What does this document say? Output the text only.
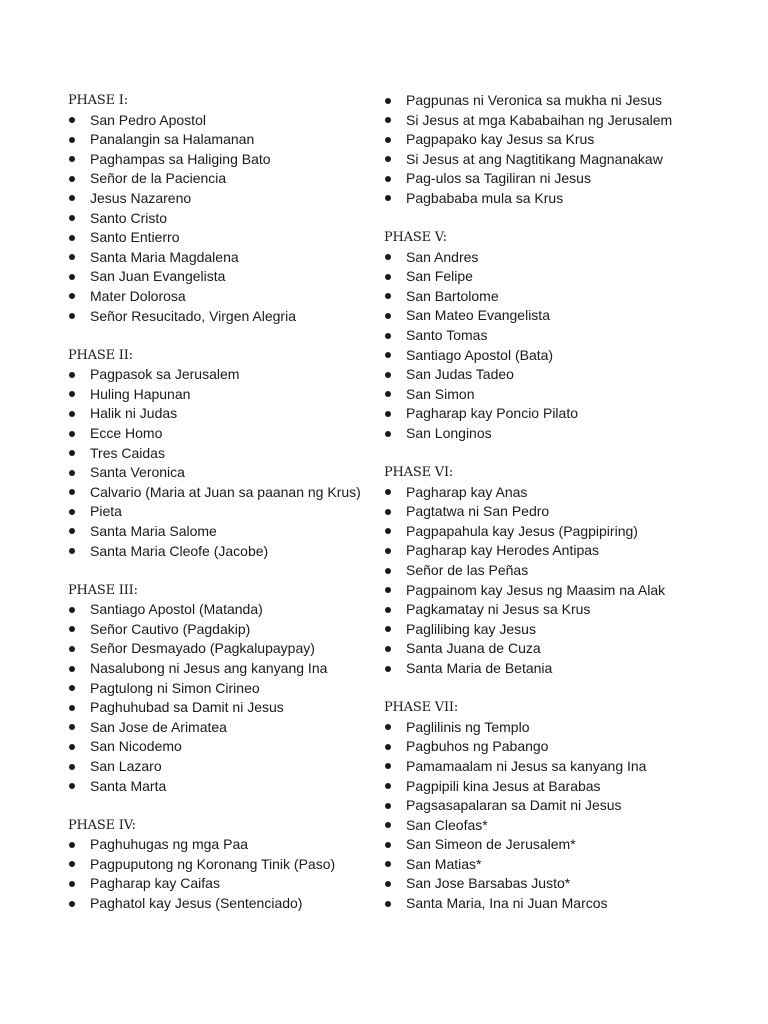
PHASE I:
San Pedro Apostol
Panalangin sa Halamanan
Paghampas sa Haliging Bato
Señor de la Paciencia
Jesus Nazareno
Santo Cristo
Santo Entierro
Santa Maria Magdalena
San Juan Evangelista
Mater Dolorosa
Señor Resucitado, Virgen Alegria
PHASE II:
Pagpasok sa Jerusalem
Huling Hapunan
Halik ni Judas
Ecce Homo
Tres Caidas
Santa Veronica
Calvario (Maria at Juan sa paanan ng Krus)
Pieta
Santa Maria Salome
Santa Maria Cleofe (Jacobe)
PHASE III:
Santiago Apostol (Matanda)
Señor Cautivo (Pagdakip)
Señor Desmayado (Pagkalupaypay)
Nasalubong ni Jesus ang kanyang Ina
Pagtulong ni Simon Cirineo
Paghuhubad sa Damit ni Jesus
San Jose de Arimatea
San Nicodemo
San Lazaro
Santa Marta
PHASE IV:
Paghuhugas ng mga Paa
Pagpuputong ng Koronang Tinik (Paso)
Pagharap kay Caifas
Paghatol kay Jesus (Sentenciado)
Pagpunas ni Veronica sa mukha ni Jesus
Si Jesus at mga Kababaihan ng Jerusalem
Pagpapako kay Jesus sa Krus
Si Jesus at ang Nagtitikang Magnanakaw
Pag-ulos sa Tagiliran ni Jesus
Pagbababa mula sa Krus
PHASE V:
San Andres
San Felipe
San Bartolome
San Mateo Evangelista
Santo Tomas
Santiago Apostol (Bata)
San Judas Tadeo
San Simon
Pagharap kay Poncio Pilato
San Longinos
PHASE VI:
Pagharap kay Anas
Pagtatwa ni San Pedro
Pagpapahula kay Jesus (Pagpipiring)
Pagharap kay Herodes Antipas
Señor de las Peñas
Pagpainom kay Jesus ng Maasim na Alak
Pagkamatay ni Jesus sa Krus
Paglilibing kay Jesus
Santa Juana de Cuza
Santa Maria de Betania
PHASE VII:
Paglilinis ng Templo
Pagbuhos ng Pabango
Pamamaalam ni Jesus sa kanyang Ina
Pagpipili kina Jesus at Barabas
Pagsasapalaran sa Damit ni Jesus
San Cleofas*
San Simeon de Jerusalem*
San Matias*
San Jose Barsabas Justo*
Santa Maria, Ina ni Juan Marcos
